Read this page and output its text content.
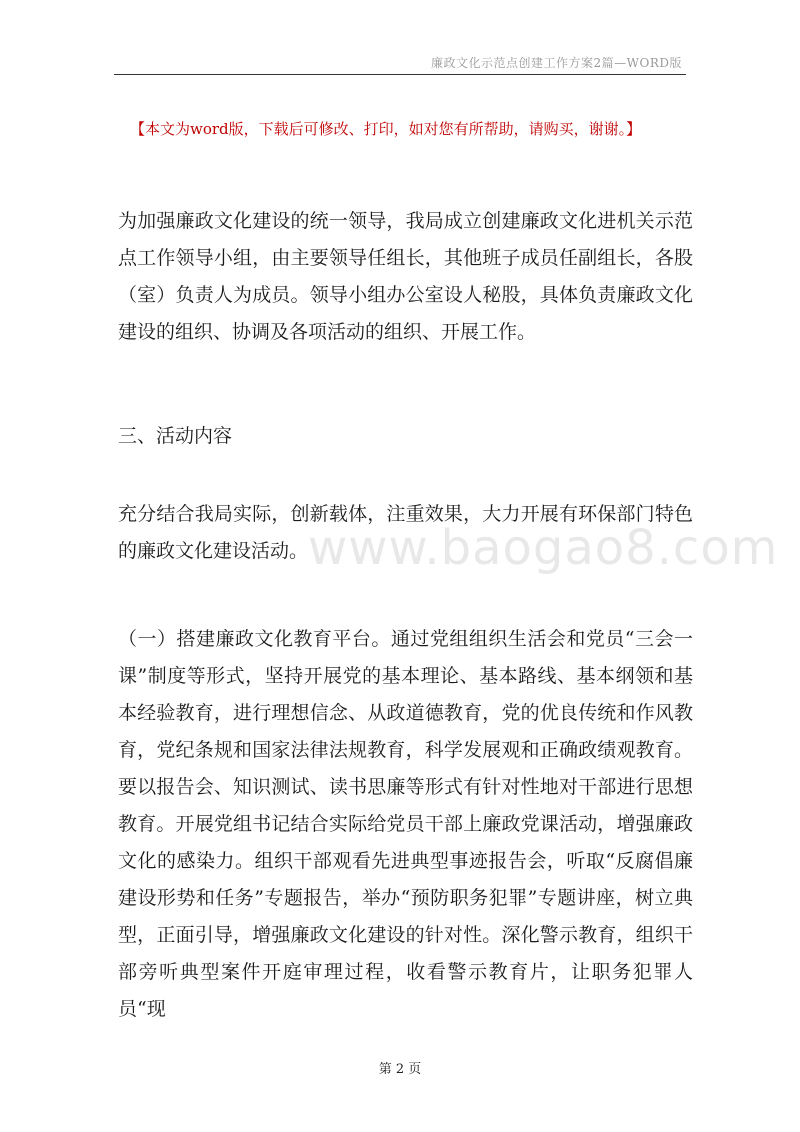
廉政文化示范点创建工作方案2篇—WORD版
【本文为word版，下载后可修改、打印，如对您有所帮助，请购买，谢谢。】

为加强廉政文化建设的统一领导，我局成立创建廉政文化进机关示范点工作领导小组，由主要领导任组长，其他班子成员任副组长，各股（室）负责人为成员。领导小组办公室设人秘股，具体负责廉政文化建设的组织、协调及各项活动的组织、开展工作。

三、活动内容

充分结合我局实际，创新载体，注重效果，大力开展有环保部门特色的廉政文化建设活动。

（一）搭建廉政文化教育平台。通过党组组织生活会和党员“三会一课”制度等形式，坚持开展党的基本理论、基本路线、基本纲领和基本经验教育，进行理想信念、从政道德教育，党的优良传统和作风教育，党纪条规和国家法律法规教育，科学发展观和正确政绩观教育。要以报告会、知识测试、读书思廉等形式有针对性地对干部进行思想教育。开展党组书记结合实际给党员干部上廉政党课活动，增强廉政文化的感染力。组织干部观看先进典型事迹报告会，听取“反腐倡廉建设形势和任务”专题报告，举办“预防职务犯罪”专题讲座，树立典型，正面引导，增强廉政文化建设的针对性。深化警示教育，组织干部旁听典型案件开庭审理过程，收看警示教育片，让职务犯罪人员“现

www.baogao8.com
第 2 页
